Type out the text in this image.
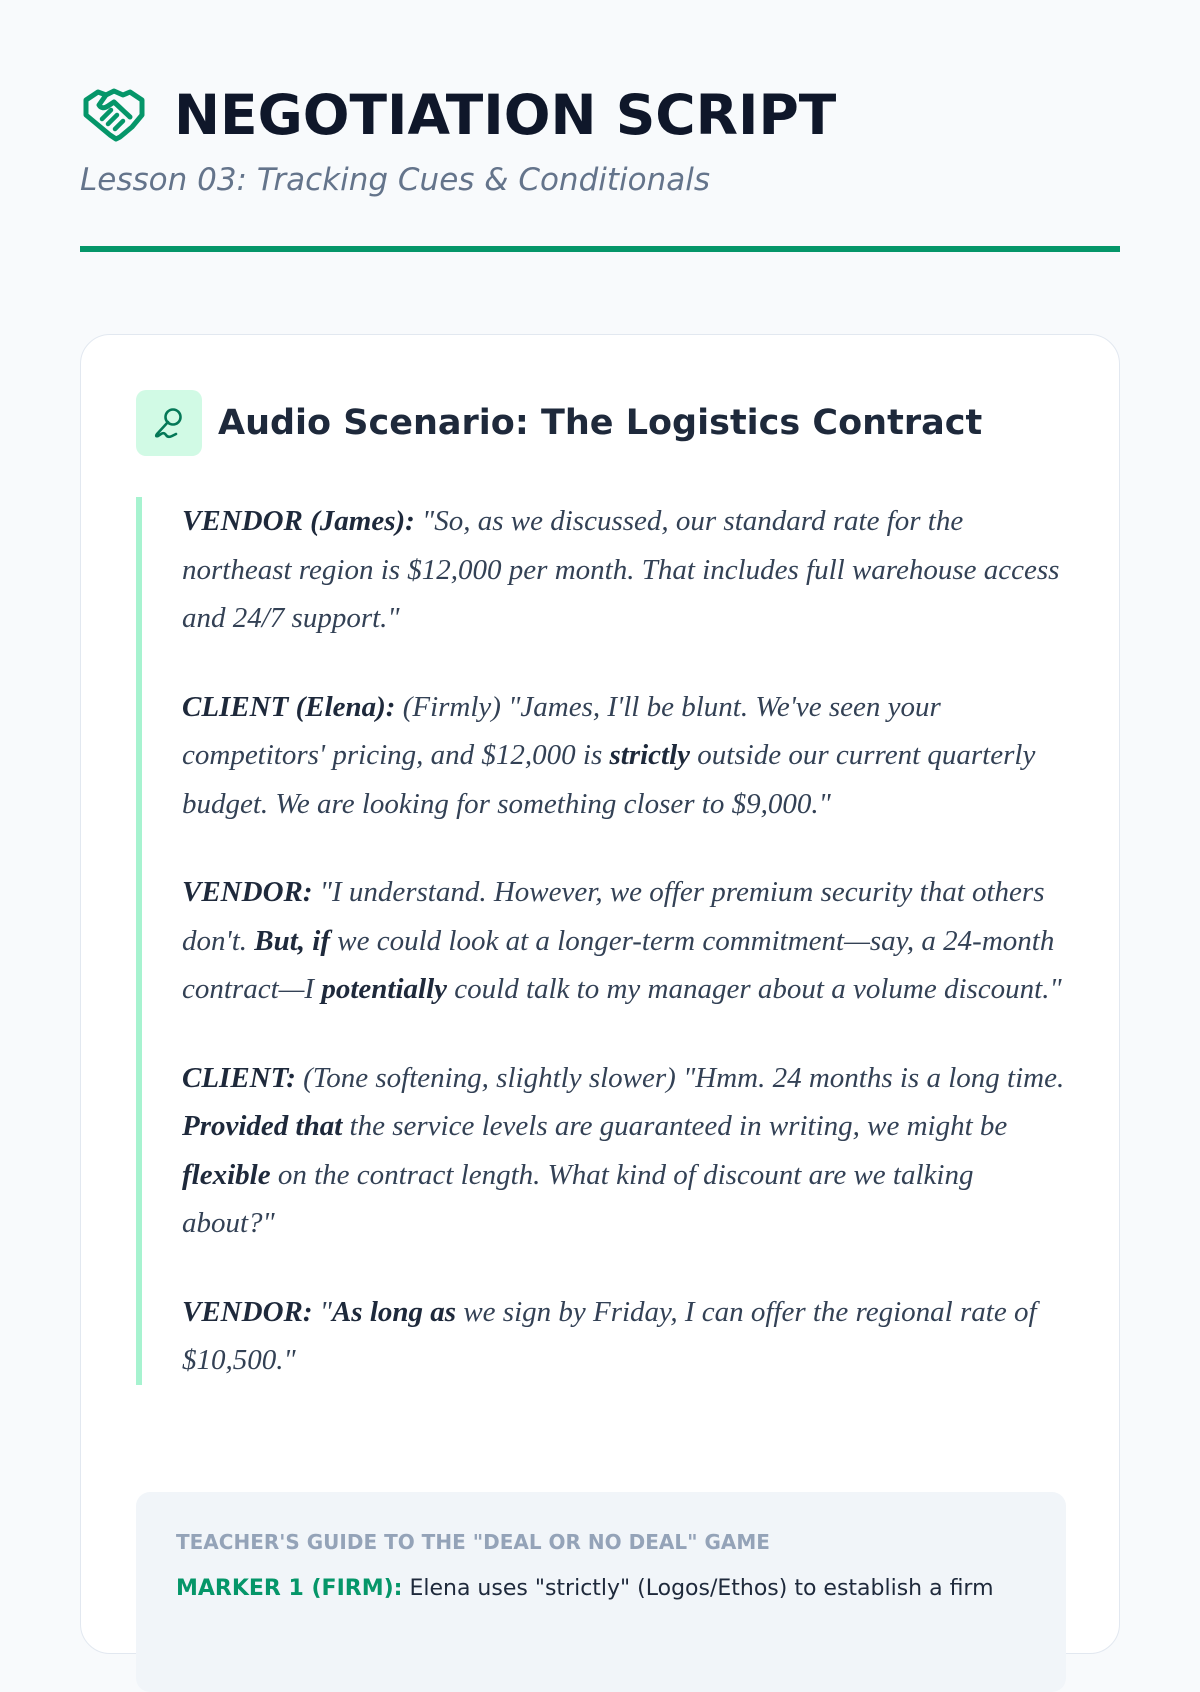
NEGOTIATION SCRIPT
Lesson 03: Tracking Cues & Conditionals
Audio Scenario: The Logistics Contract

VENDOR (James): "So, as we discussed, our standard rate for the northeast region is $12,000 per month. That includes full warehouse access and 24/7 support."

CLIENT (Elena): (Firmly) "James, I'll be blunt. We've seen your competitors' pricing, and $12,000 is strictly outside our current quarterly budget. We are looking for something closer to $9,000."

VENDOR: "I understand. However, we offer premium security that others don't. But, if we could look at a longer-term commitment—say, a 24-month contract—I potentially could talk to my manager about a volume discount."

CLIENT: (Tone softening, slightly slower) "Hmm. 24 months is a long time. Provided that the service levels are guaranteed in writing, we might be flexible on the contract length. What kind of discount are we talking about?"

VENDOR: "As long as we sign by Friday, I can offer the regional rate of $10,500."

TEACHER'S GUIDE TO THE "DEAL OR NO DEAL" GAME
MARKER 1 (FIRM): Elena uses "strictly" (Logos/Ethos) to establish a firm
